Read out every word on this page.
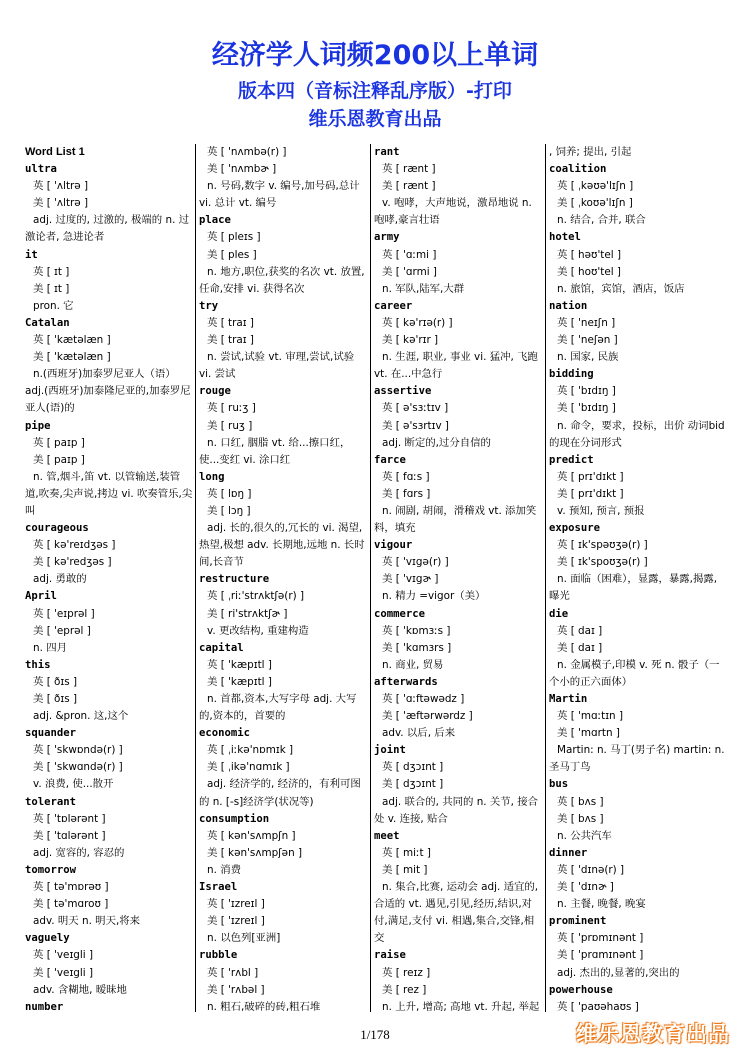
经济学人词频200以上单词
版本四（音标注释乱序版）-打印
维乐恩教育出品
Word List 1
ultra
英 [ 'ʌltrə ]
美 [ 'ʌltrə ]
adj. 过度的, 过激的, 极端的 n. 过激论者, 急进论者
it
英 [ ɪt ]
美 [ ɪt ]
pron. 它
Catalan
英 [ 'kætəlæn ]
美 [ 'kætəlæn ]
n.(西班牙)加泰罗尼亚人（语）adj.(西班牙)加泰隆尼亚的,加泰罗尼亚人(语)的
pipe
英 [ paɪp ]
美 [ paɪp ]
n. 管,烟斗,笛 vt. 以管输送,装管道,吹奏,尖声说,拷边 vi. 吹奏管乐,尖叫
courageous
英 [ kə'reɪdʒəs ]
美 [ kə'redʒəs ]
adj. 勇敢的
April
英 [ 'eɪprəl ]
美 [ 'eprəl ]
n. 四月
this
英 [ ðɪs ]
美 [ ðɪs ]
adj. &pron. 这,这个
squander
英 [ 'skwɒndə(r) ]
美 [ 'skwɑndə(r) ]
v. 浪费, 使...散开
tolerant
英 [ 'tɒlərənt ]
美 [ 'tɑlərənt ]
adj. 宽容的, 容忍的
tomorrow
英 [ tə'mɒrəʊ ]
美 [ tə'mɑroʊ ]
adv. 明天 n. 明天,将来
vaguely
英 [ 'veɪgli ]
美 [ 'veɪgli ]
adv. 含糊地, 暧昧地
number
英 [ 'nʌmbə(r) ]
美 [ 'nʌmbɚ ]
n. 号码,数字 v. 编号,加号码,总计 vi. 总计 vt. 编号
place
英 [ pleɪs ]
美 [ ples ]
n. 地方,职位,获奖的名次 vt. 放置,任命,安排 vi. 获得名次
try
英 [ traɪ ]
美 [ traɪ ]
n. 尝试,试验 vt. 审理,尝试,试验 vi. 尝试
rouge
英 [ ruːʒ ]
美 [ ruʒ ]
n. 口红, 胭脂 vt. 给...擦口红，使...变红 vi. 涂口红
long
英 [ lɒŋ ]
美 [ lɔŋ ]
adj. 长的,很久的,冗长的 vi. 渴望,热望,极想 adv. 长期地,远地 n. 长时间,长音节
restructure
英 [ ˌriː'strʌktʃə(r) ]
美 [ ri'strʌktʃɚ ]
v. 更改结构, 重建构造
capital
英 [ 'kæpɪtl ]
美 [ 'kæpɪtl ]
n. 首都,资本,大写字母 adj. 大写的,资本的，首要的
economic
英 [ ˌiːkə'nɒmɪk ]
美 [ ˌikə'nɑmɪk ]
adj. 经济学的, 经济的，有利可图的 n. [-s]经济学(状况等)
consumption
英 [ kən'sʌmpʃn ]
美 [ kən'sʌmpʃən ]
n. 消费
Israel
英 [ 'ɪzreɪl ]
美 [ 'ɪzreɪl ]
n. 以色列[亚洲]
rubble
英 [ 'rʌbl ]
美 [ 'rʌbəl ]
n. 粗石,破碎的砖,粗石堆
rant
英 [ rænt ]
美 [ rænt ]
v. 咆哮，大声地说，激昂地说 n. 咆哮,豪言壮语
army
英 [ 'ɑːmi ]
美 [ 'ɑrmi ]
n. 军队,陆军,大群
career
英 [ kə'rɪə(r) ]
美 [ kə'rɪr ]
n. 生涯, 职业, 事业 vi. 猛冲, 飞跑 vt. 在...中急行
assertive
英 [ ə'sɜːtɪv ]
美 [ ə'sɜrtɪv ]
adj. 断定的,过分自信的
farce
英 [ fɑːs ]
美 [ fɑrs ]
n. 闹剧, 胡闹，滑稽戏 vt. 添加笑料，填充
vigour
英 [ 'vɪgə(r) ]
美 [ 'vɪgɚ ]
n. 精力 =vigor（美）
commerce
英 [ 'kɒmɜːs ]
美 [ 'kɑmɜrs ]
n. 商业, 贸易
afterwards
英 [ 'ɑːftəwədz ]
美 [ 'æftərwərdz ]
adv. 以后, 后来
joint
英 [ dʒɔɪnt ]
美 [ dʒɔɪnt ]
adj. 联合的, 共同的 n. 关节, 接合处 v. 连接, 贴合
meet
英 [ miːt ]
美 [ mit ]
n. 集合,比赛, 运动会 adj. 适宜的,合适的 vt. 遇见,引见,经历,结识,对付,满足,支付 vi. 相遇,集合,交锋,相交
raise
英 [ reɪz ]
美 [ rez ]
n. 上升, 增高; 高地 vt. 升起, 举起
, 饲养; 提出, 引起
coalition
英 [ ˌkəʊə'lɪʃn ]
美 [ ˌkoʊə'lɪʃn ]
n. 结合, 合并, 联合
hotel
英 [ həʊ'tel ]
美 [ hoʊ'tel ]
n. 旅馆，宾馆，酒店，饭店
nation
英 [ 'neɪʃn ]
美 [ 'neʃən ]
n. 国家, 民族
bidding
英 [ 'bɪdɪŋ ]
美 [ 'bɪdɪŋ ]
n. 命令，要求，投标，出价 动词bid的现在分词形式
predict
英 [ prɪ'dɪkt ]
美 [ prɪ'dɪkt ]
v. 预知, 预言, 预报
exposure
英 [ ɪk'spəʊʒə(r) ]
美 [ ɪk'spoʊʒə(r) ]
n. 面临（困难），显露，暴露,揭露,曝光
die
英 [ daɪ ]
美 [ daɪ ]
n. 金属模子,印模 v. 死 n. 骰子（一个小的正六面体）
Martin
英 [ 'mɑːtɪn ]
美 [ 'mɑrtn ]
Martin: n. 马丁(男子名) martin: n. 圣马丁鸟
bus
英 [ bʌs ]
美 [ bʌs ]
n. 公共汽车
dinner
英 [ 'dɪnə(r) ]
美 [ 'dɪnɚ ]
n. 主餐, 晚餐, 晚宴
prominent
英 [ 'prɒmɪnənt ]
美 [ 'prɑmɪnənt ]
adj. 杰出的,显著的,突出的
powerhouse
英 [ 'paʊəhaʊs ]
1/178	维乐恩教育出品
